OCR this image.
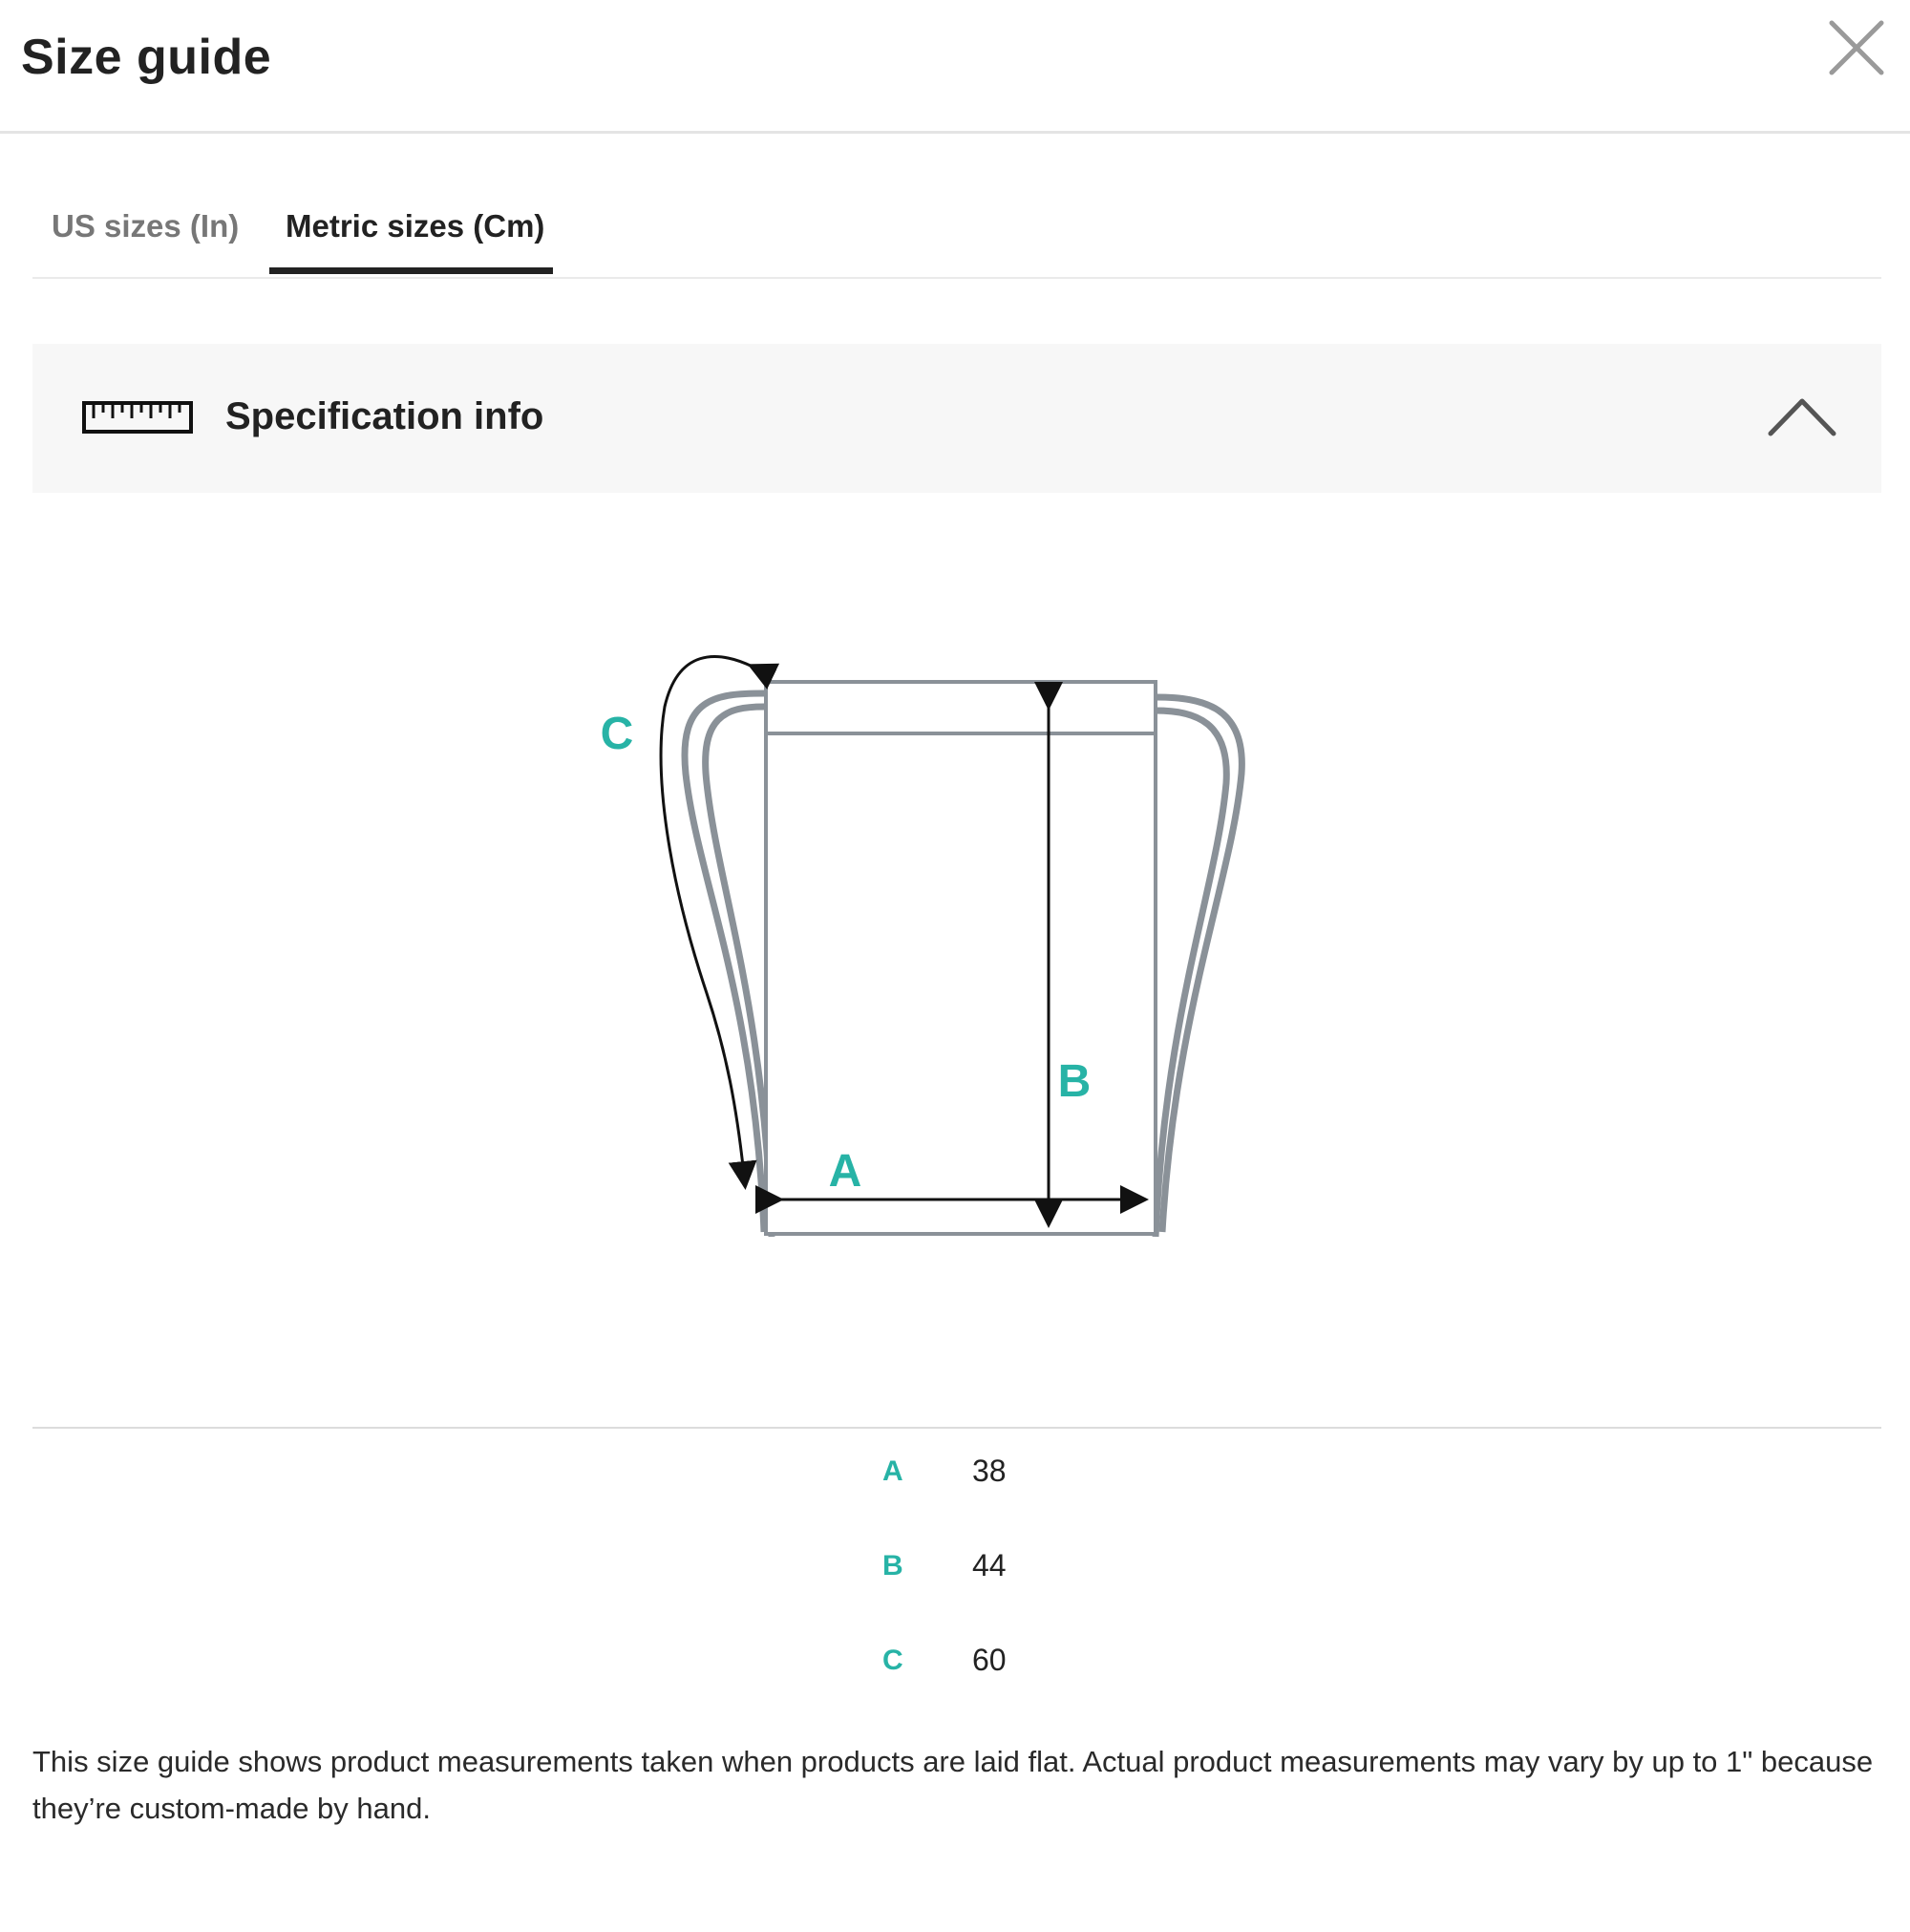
Size guide
US sizes (In) Metric sizes (Cm)
Specification info
A
B
C
A 38
B 44
C 60
This size guide shows product measurements taken when products are laid flat. Actual product measurements may vary by up to 1" because they’re custom-made by hand.
